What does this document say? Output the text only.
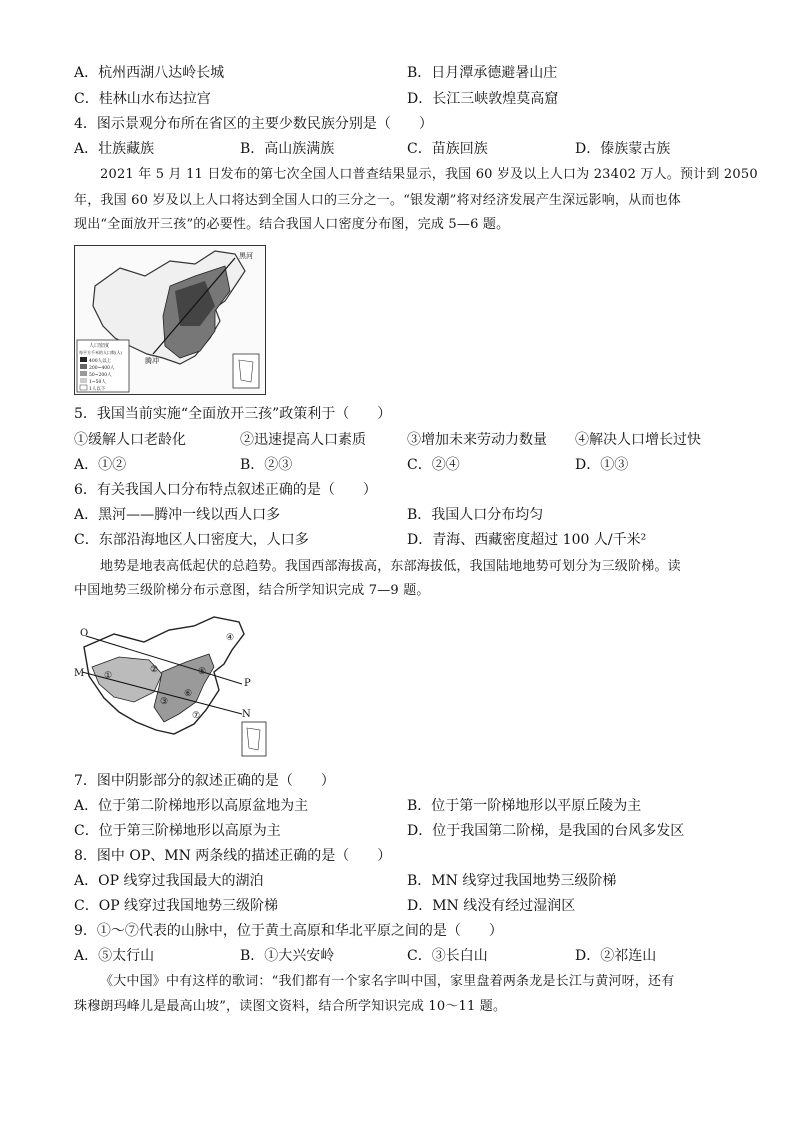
A．杭州西湖八达岭长城	B．日月潭承德避暑山庄
C．桂林山水布达拉宫	D．长江三峡敦煌莫高窟
4．图示景观分布所在省区的主要少数民族分别是（　　）
A．壮族藏族	B．高山族满族	C．苗族回族	D．傣族蒙古族
2021 年 5 月 11 日发布的第七次全国人口普查结果显示，我国 60 岁及以上人口为 23402 万人。预计到 2050
年，我国 60 岁及以上人口将达到全国人口的三分之一。“银发潮”将对经济发展产生深远影响，从而也体
现出“全面放开三孩”的必要性。结合我国人口密度分布图，完成 5—6 题。
黑河
腾冲
人口密度
每平方千米的人口数(人)
400人以上
200~400人
50~200人
1~50人
1人以下
5．我国当前实施“全面放开三孩”政策利于（　　）
①缓解人口老龄化	②迅速提高人口素质	③增加未来劳动力数量 ④解决人口增长过快
A．①②	B．②③	C．②④	D．①③
6．有关我国人口分布特点叙述正确的是（　　）
A．黑河——腾冲一线以西人口多	B．我国人口分布均匀
C．东部沿海地区人口密度大，人口多	D．青海、西藏密度超过 100 人/千米²
地势是地表高低起伏的总趋势。我国西部海拔高，东部海拔低，我国陆地地势可划分为三级阶梯。读
中国地势三级阶梯分布示意图，结合所学知识完成 7—9 题。
O
M
P
N
①
②
③
④
⑤
⑥
⑦
7．图中阴影部分的叙述正确的是（　　）
A．位于第二阶梯地形以高原盆地为主	B．位于第一阶梯地形以平原丘陵为主
C．位于第三阶梯地形以高原为主	D．位于我国第二阶梯，是我国的台风多发区
8．图中 OP、MN 两条线的描述正确的是（　　）
A．OP 线穿过我国最大的湖泊	B．MN 线穿过我国地势三级阶梯
C．OP 线穿过我国地势三级阶梯	D．MN 线没有经过湿润区
9．①～⑦代表的山脉中，位于黄土高原和华北平原之间的是（　　）
A．⑤太行山	B．①大兴安岭	C．③长白山	D．②祁连山
《大中国》中有这样的歌词：“我们都有一个家名字叫中国，家里盘着两条龙是长江与黄河呀，还有
珠穆朗玛峰儿是最高山坡”，读图文资料，结合所学知识完成 10～11 题。
